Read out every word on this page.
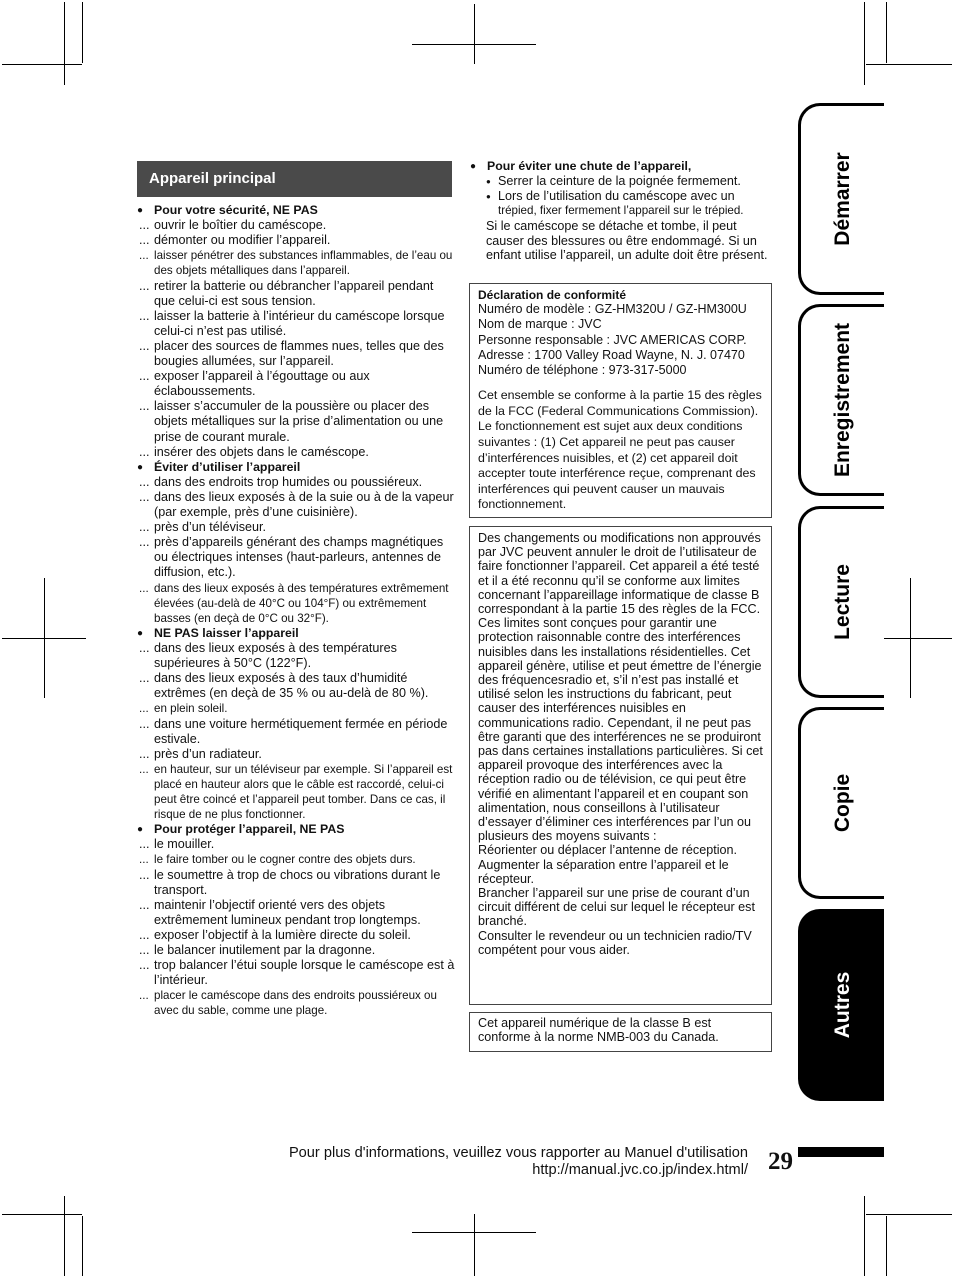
Appareil principal
● Pour votre sécurité, NE PAS
... ouvrir le boîtier du caméscope.
... démonter ou modifier l’appareil.
... laisser pénétrer des substances inflammables, de l’eau ou des objets métalliques dans l’appareil.
... retirer la batterie ou débrancher l’appareil pendant que celui-ci est sous tension.
... laisser la batterie à l’intérieur du caméscope lorsque celui-ci n’est pas utilisé.
... placer des sources de flammes nues, telles que des bougies allumées, sur l’appareil.
... exposer l’appareil à l’égouttage ou aux éclaboussements.
... laisser s’accumuler de la poussière ou placer des objets métalliques sur la prise d’alimentation ou une prise de courant murale.
... insérer des objets dans le caméscope.
● Éviter d’utiliser l’appareil
... dans des endroits trop humides ou poussiéreux.
... dans des lieux exposés à de la suie ou à de la vapeur (par exemple, près d’une cuisinière).
... près d’un téléviseur.
... près d’appareils générant des champs magnétiques ou électriques intenses (haut-parleurs, antennes de diffusion, etc.).
... dans des lieux exposés à des températures extrêmement élevées (au-delà de 40°C ou 104°F) ou extrêmement basses (en deçà de 0°C ou 32°F).
● NE PAS laisser l’appareil
... dans des lieux exposés à des températures supérieures à 50°C (122°F).
... dans des lieux exposés à des taux d’humidité extrêmes (en deçà de 35 % ou au-delà de 80 %).
... en plein soleil.
... dans une voiture hermétiquement fermée en période estivale.
... près d’un radiateur.
... en hauteur, sur un téléviseur par exemple. Si l’appareil est placé en hauteur alors que le câble est raccordé, celui-ci peut être coincé et l’appareil peut tomber. Dans ce cas, il risque de ne plus fonctionner.
● Pour protéger l’appareil, NE PAS
... le mouiller.
... le faire tomber ou le cogner contre des objets durs.
... le soumettre à trop de chocs ou vibrations durant le transport.
... maintenir l’objectif orienté vers des objets extrêmement lumineux pendant trop longtemps.
... exposer l’objectif à la lumière directe du soleil.
... le balancer inutilement par la dragonne.
... trop balancer l’étui souple lorsque le caméscope est à l’intérieur.
... placer le caméscope dans des endroits poussiéreux ou avec du sable, comme une plage.
● Pour éviter une chute de l’appareil,
● Serrer la ceinture de la poignée fermement.
● Lors de l’utilisation du caméscope avec un
trépied, fixer fermement l’appareil sur le trépied.
Si le caméscope se détache et tombe, il peut causer des blessures ou être endommagé. Si un enfant utilise l’appareil, un adulte doit être présent.
Déclaration de conformité
Numéro de modèle : GZ-HM320U / GZ-HM300U
Nom de marque : JVC
Personne responsable : JVC AMERICAS CORP.
Adresse : 1700 Valley Road Wayne, N. J. 07470
Numéro de téléphone : 973-317-5000

Cet ensemble se conforme à la partie 15 des règles de la FCC (Federal Communications Commission). Le fonctionnement est sujet aux deux conditions suivantes : (1) Cet appareil ne peut pas causer d’interférences nuisibles, et (2) cet appareil doit accepter toute interférence reçue, comprenant des interférences qui peuvent causer un mauvais fonctionnement.

Des changements ou modifications non approuvés par JVC peuvent annuler le droit de l’utilisateur de faire fonctionner l’appareil. Cet appareil a été testé et il a été reconnu qu’il se conforme aux limites concernant l’appareillage informatique de classe B correspondant à la partie 15 des règles de la FCC. Ces limites sont conçues pour garantir une protection raisonnable contre des interférences nuisibles dans les installations résidentielles. Cet appareil génère, utilise et peut émettre de l’énergie des fréquencesradio et, s’il n’est pas installé et utilisé selon les instructions du fabricant, peut causer des interférences nuisibles en communications radio. Cependant, il ne peut pas être garanti que des interférences ne se produiront pas dans certaines installations particulières. Si cet appareil provoque des interférences avec la réception radio ou de télévision, ce qui peut être vérifié en alimentant l’appareil et en coupant son alimentation, nous conseillons à l’utilisateur d’essayer d’éliminer ces interférences par l’un ou plusieurs des moyens suivants :

Réorienter ou déplacer l’antenne de réception.

Augmenter la séparation entre l’appareil et le récepteur.

Brancher l’appareil sur une prise de courant d’un circuit différent de celui sur lequel le récepteur est branché.

Consulter le revendeur ou un technicien radio/TV compétent pour vous aider.

Cet appareil numérique de la classe B est conforme à la norme NMB-003 du Canada.

Démarrer
Enregistrement
Lecture
Copie
Autres
Pour plus d'informations, veuillez vous rapporter au Manuel d'utilisation
http://manual.jvc.co.jp/index.html/ 29
